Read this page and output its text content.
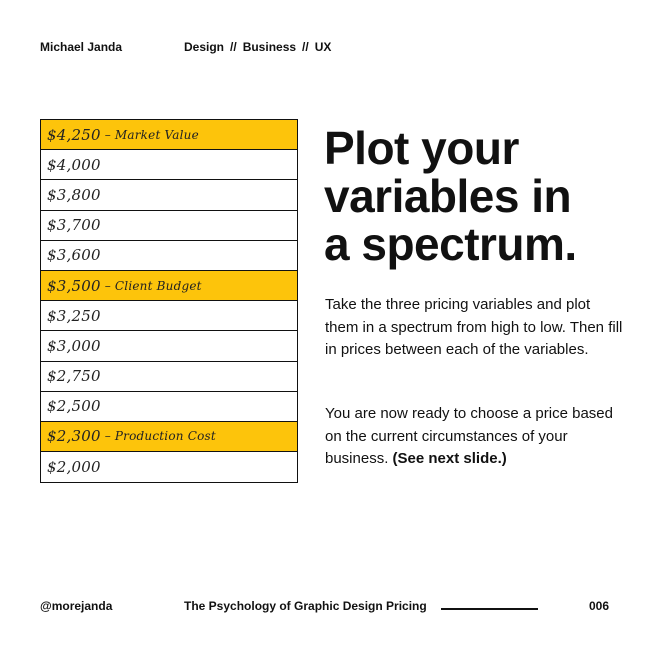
Michael Janda	Design // Business // UX
$4,250 – Market Value
$4,000
$3,800
$3,700
$3,600
$3,500 – Client Budget
$3,250
$3,000
$2,750
$2,500
$2,300 – Production Cost
$2,000
Plot your
variables in
a spectrum.

Take the three pricing variables and plot them in a spectrum from high to low. Then fill in prices between each of the variables.

You are now ready to choose a price based on the current circumstances of your business. (See next slide.)

@morejanda	The Psychology of Graphic Design Pricing	006
